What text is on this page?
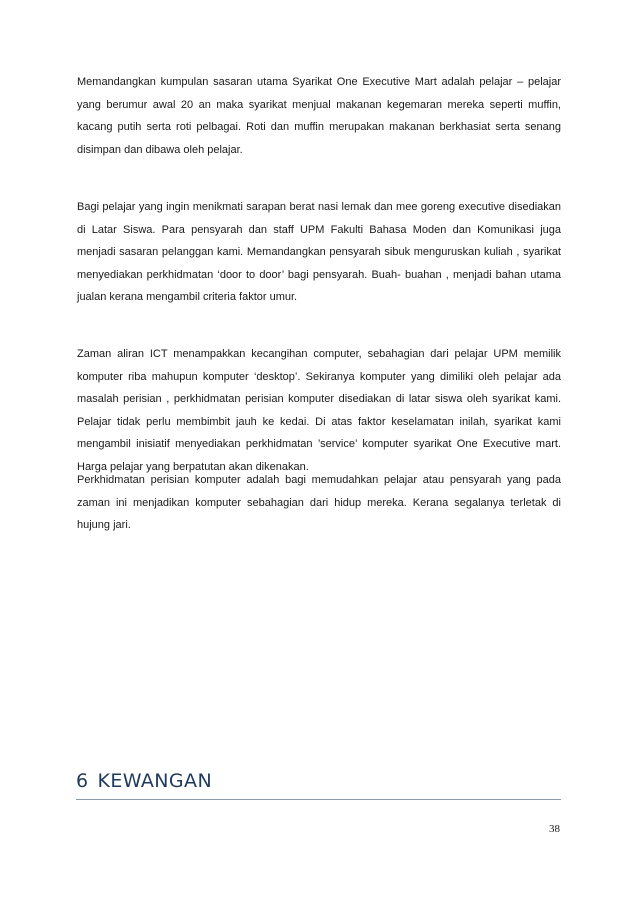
Memandangkan kumpulan sasaran utama Syarikat One Executive Mart adalah pelajar – pelajar yang berumur awal 20 an maka syarikat menjual makanan kegemaran mereka seperti muffin, kacang putih serta roti pelbagai. Roti dan muffin merupakan makanan berkhasiat serta senang disimpan dan dibawa oleh pelajar.

Bagi pelajar yang ingin menikmati sarapan berat nasi lemak dan mee goreng executive disediakan di Latar Siswa. Para pensyarah dan staff UPM Fakulti Bahasa Moden dan Komunikasi juga menjadi sasaran pelanggan kami. Memandangkan pensyarah sibuk menguruskan kuliah , syarikat menyediakan perkhidmatan ‘door to door’ bagi pensyarah. Buah- buahan , menjadi bahan utama jualan kerana mengambil criteria faktor umur.

Zaman aliran ICT menampakkan kecangihan computer, sebahagian dari pelajar UPM memilik komputer riba mahupun komputer ‘desktop’. Sekiranya komputer yang dimiliki oleh pelajar ada masalah perisian , perkhidmatan perisian komputer disediakan di latar siswa oleh syarikat kami. Pelajar tidak perlu membimbit jauh ke kedai. Di atas faktor keselamatan inilah, syarikat kami mengambil inisiatif menyediakan perkhidmatan ’service’ komputer syarikat One Executive mart. Harga pelajar yang berpatutan akan dikenakan.

Perkhidmatan perisian komputer adalah bagi memudahkan pelajar atau pensyarah yang pada zaman ini menjadikan komputer sebahagian dari hidup mereka. Kerana segalanya terletak di hujung jari.

6 KEWANGAN
38
